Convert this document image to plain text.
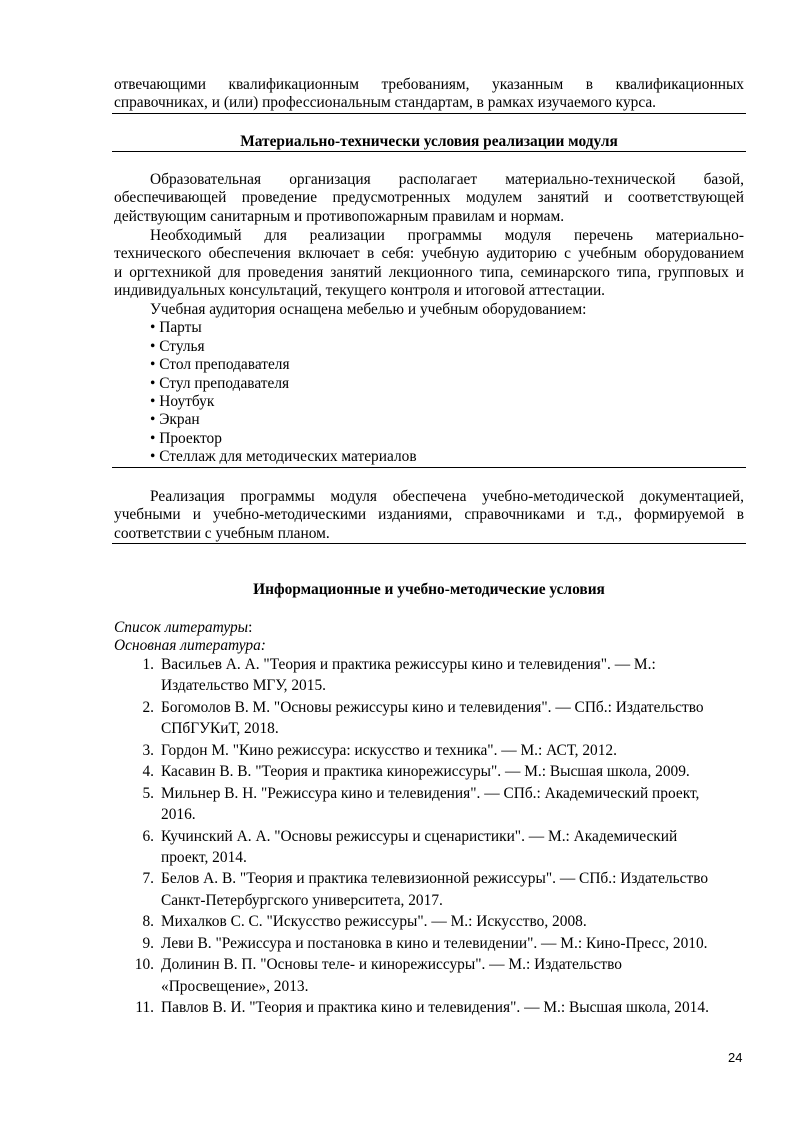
отвечающими квалификационным требованиям, указанным в квалификационных
справочниках, и (или) профессиональным стандартам, в рамках изучаемого курса.
Материально-технически условия реализации модуля
Образовательная организация располагает материально-технической базой,
обеспечивающей проведение предусмотренных модулем занятий и соответствующей
действующим санитарным и противопожарным правилам и нормам.
Необходимый для реализации программы модуля перечень материально-
технического обеспечения включает в себя: учебную аудиторию с учебным оборудованием
и оргтехникой для проведения занятий лекционного типа, семинарского типа, групповых и
индивидуальных консультаций, текущего контроля и итоговой аттестации.
Учебная аудитория оснащена мебелью и учебным оборудованием:
• Парты
• Стулья
• Стол преподавателя
• Стул преподавателя
• Ноутбук
• Экран
• Проектор
• Стеллаж для методических материалов
Реализация программы модуля обеспечена учебно-методической документацией,
учебными и учебно-методическими изданиями, справочниками и т.д., формируемой в
соответствии с учебным планом.
Информационные и учебно-методические условия
Список литературы:
Основная литература:
1. Васильев А. А. "Теория и практика режиссуры кино и телевидения". — М.:
Издательство МГУ, 2015.
2. Богомолов В. М. "Основы режиссуры кино и телевидения". — СПб.: Издательство
СПбГУКиТ, 2018.
3. Гордон М. "Кино режиссура: искусство и техника". — М.: АСТ, 2012.
4. Касавин В. В. "Теория и практика кинорежиссуры". — М.: Высшая школа, 2009.
5. Мильнер В. Н. "Режиссура кино и телевидения". — СПб.: Академический проект,
2016.
6. Кучинский А. А. "Основы режиссуры и сценаристики". — М.: Академический
проект, 2014.
7. Белов А. В. "Теория и практика телевизионной режиссуры". — СПб.: Издательство
Санкт-Петербургского университета, 2017.
8. Михалков С. С. "Искусство режиссуры". — М.: Искусство, 2008.
9. Леви В. "Режиссура и постановка в кино и телевидении". — М.: Кино-Пресс, 2010.
10. Долинин В. П. "Основы теле- и кинорежиссуры". — М.: Издательство
«Просвещение», 2013.
11. Павлов В. И. "Теория и практика кино и телевидения". — М.: Высшая школа, 2014.
24
